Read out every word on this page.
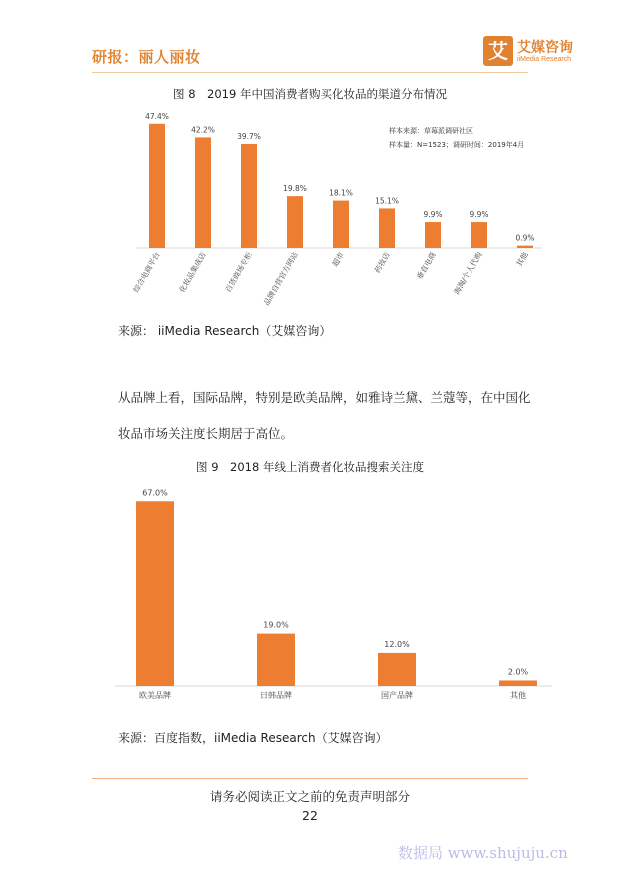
研报：丽人丽妆	艾 艾媒咨询
iiMedia Research
图 8　2019 年中国消费者购买化妆品的渠道分布情况
样本来源：草莓派调研社区
样本量：N=1523；调研时间：2019年4月
47.4%
综合电商平台
42.2%
化妆品集成店
39.7%
百货商场专柜
19.8%
品牌自营官方网站
18.1%
超市
15.1%
药妆店
9.9%
垂直电商
9.9%
海淘/个人代购
0.9%
其他
来源： iiMedia Research（艾媒咨询）
从品牌上看，国际品牌，特别是欧美品牌，如雅诗兰黛、兰蔻等，在中国化
妆品市场关注度长期居于高位。
图 9　2018 年线上消费者化妆品搜索关注度
67.0%
欧美品牌
19.0%
日韩品牌
12.0%
国产品牌
2.0%
其他
来源：百度指数，iiMedia Research（艾媒咨询）
请务必阅读正文之前的免责声明部分
22
数据局 www.shujuju.cn
